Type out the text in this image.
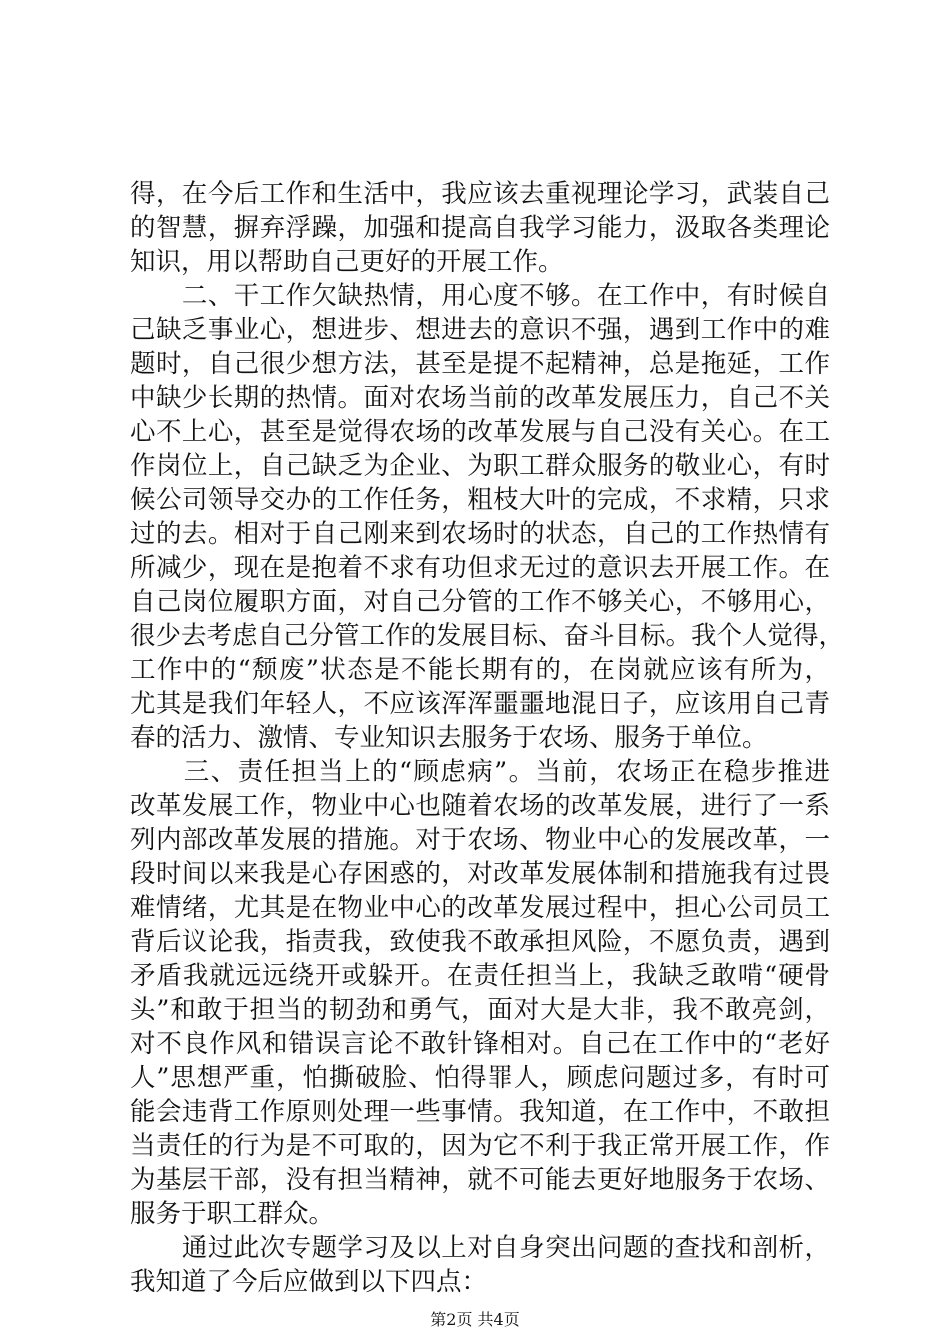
得，在今后工作和生活中，我应该去重视理论学习，武装自己
的智慧，摒弃浮躁，加强和提高自我学习能力，汲取各类理论
知识，用以帮助自己更好的开展工作。
　　二、干工作欠缺热情，用心度不够。在工作中，有时候自
己缺乏事业心，想进步、想进去的意识不强，遇到工作中的难
题时，自己很少想方法，甚至是提不起精神，总是拖延，工作
中缺少长期的热情。面对农场当前的改革发展压力，自己不关
心不上心，甚至是觉得农场的改革发展与自己没有关心。在工
作岗位上，自己缺乏为企业、为职工群众服务的敬业心，有时
候公司领导交办的工作任务，粗枝大叶的完成，不求精，只求
过的去。相对于自己刚来到农场时的状态，自己的工作热情有
所减少，现在是抱着不求有功但求无过的意识去开展工作。在
自己岗位履职方面，对自己分管的工作不够关心，不够用心，
很少去考虑自己分管工作的发展目标、奋斗目标。我个人觉得，
工作中的“颓废”状态是不能长期有的，在岗就应该有所为，
尤其是我们年轻人，不应该浑浑噩噩地混日子，应该用自己青
春的活力、激情、专业知识去服务于农场、服务于单位。
　　三、责任担当上的“顾虑病”。当前，农场正在稳步推进
改革发展工作，物业中心也随着农场的改革发展，进行了一系
列内部改革发展的措施。对于农场、物业中心的发展改革，一
段时间以来我是心存困惑的，对改革发展体制和措施我有过畏
难情绪，尤其是在物业中心的改革发展过程中，担心公司员工
背后议论我，指责我，致使我不敢承担风险，不愿负责，遇到
矛盾我就远远绕开或躲开。在责任担当上，我缺乏敢啃“硬骨
头”和敢于担当的韧劲和勇气，面对大是大非，我不敢亮剑，
对不良作风和错误言论不敢针锋相对。自己在工作中的“老好
人”思想严重，怕撕破脸、怕得罪人，顾虑问题过多，有时可
能会违背工作原则处理一些事情。我知道，在工作中，不敢担
当责任的行为是不可取的，因为它不利于我正常开展工作，作
为基层干部，没有担当精神，就不可能去更好地服务于农场、
服务于职工群众。
　　通过此次专题学习及以上对自身突出问题的查找和剖析，
我知道了今后应做到以下四点：
第2页 共4页
